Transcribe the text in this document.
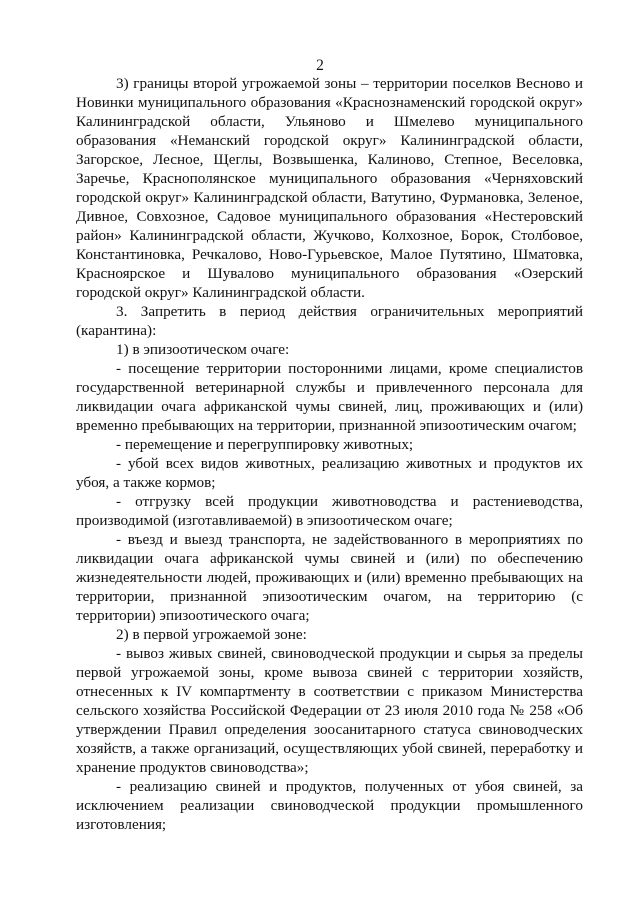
2

3) границы второй угрожаемой зоны – территории поселков Весново и Новинки муниципального образования «Краснознаменский городской округ» Калининградской области, Ульяново и Шмелево муниципального образования «Неманский городской округ» Калининградской области, Загорское, Лесное, Щеглы, Возвышенка, Калиново, Степное, Веселовка, Заречье, Краснополянское муниципального образования «Черняховский городской округ» Калининградской области, Ватутино, Фурмановка, Зеленое, Дивное, Совхозное, Садовое муниципального образования «Нестеровский район» Калининградской области, Жучково, Колхозное, Борок, Столбовое, Константиновка, Речкалово, Ново-Гурьевское, Малое Путятино, Шматовка, Красноярское и Шувалово муниципального образования «Озерский городской округ» Калининградской области.

3. Запретить в период действия ограничительных мероприятий (карантина):

1) в эпизоотическом очаге:

- посещение территории посторонними лицами, кроме специалистов государственной ветеринарной службы и привлеченного персонала для ликвидации очага африканской чумы свиней, лиц, проживающих и (или) временно пребывающих на территории, признанной эпизоотическим очагом;

- перемещение и перегруппировку животных;

- убой всех видов животных, реализацию животных и продуктов их убоя, а также кормов;

- отгрузку всей продукции животноводства и растениеводства, производимой (изготавливаемой) в эпизоотическом очаге;

- въезд и выезд транспорта, не задействованного в мероприятиях по ликвидации очага африканской чумы свиней и (или) по обеспечению жизнедеятельности людей, проживающих и (или) временно пребывающих на территории, признанной эпизоотическим очагом, на территорию (с территории) эпизоотического очага;

2) в первой угрожаемой зоне:

- вывоз живых свиней, свиноводческой продукции и сырья за пределы первой угрожаемой зоны, кроме вывоза свиней с территории хозяйств, отнесенных к IV компартменту в соответствии с приказом Министерства сельского хозяйства Российской Федерации от 23 июля 2010 года № 258 «Об утверждении Правил определения зоосанитарного статуса свиноводческих хозяйств, а также организаций, осуществляющих убой свиней, переработку и хранение продуктов свиноводства»;

- реализацию свиней и продуктов, полученных от убоя свиней, за исключением реализации свиноводческой продукции промышленного изготовления;
